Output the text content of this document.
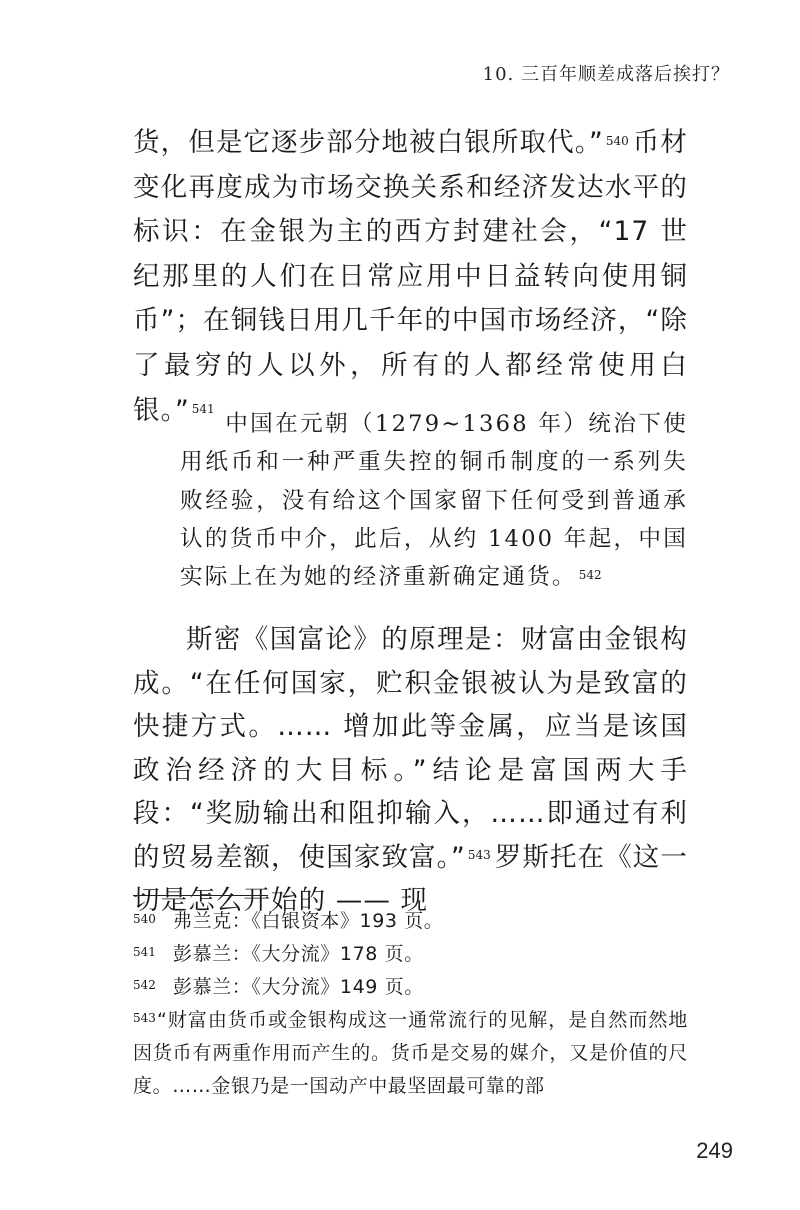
10. 三百年顺差成落后挨打？

货，但是它逐步部分地被白银所取代。” $^{540}$ 币材变化再度成为市场交换关系和经济发达水平的标识：在金银为主的西方封建社会，“17 世纪那里的人们在日常应用中日益转向使用铜币”；在铜钱日用几千年的中国市场经济，“除了最穷的人以外，所有的人都经常使用白银。” $^{541}$

中国在元朝（1279~1368 年）统治下使用纸币和一种严重失控的铜币制度的一系列失败经验，没有给这个国家留下任何受到普通承认的货币中介，此后，从约 1400 年起，中国实际上在为她的经济重新确定通货。 $^{542}$

斯密《国富论》的原理是：财富由金银构成。“在任何国家，贮积金银被认为是致富的快捷方式。…… 增加此等金属，应当是该国政治经济的大目标。”结论是富国两大手段：“奖励输出和阻抑输入，……即通过有利的贸易差额，使国家致富。” $^{543}$ 罗斯托在《这一切是怎么开始的 —— 现

540 弗兰克：《白银资本》193 页。

541 彭慕兰：《大分流》178 页。

542 彭慕兰：《大分流》149 页。

543“财富由货币或金银构成这一通常流行的见解，是自然而然地因货币有两重作用而产生的。货币是交易的媒介，又是价值的尺度。……金银乃是一国动产中最坚固最可靠的部

249
